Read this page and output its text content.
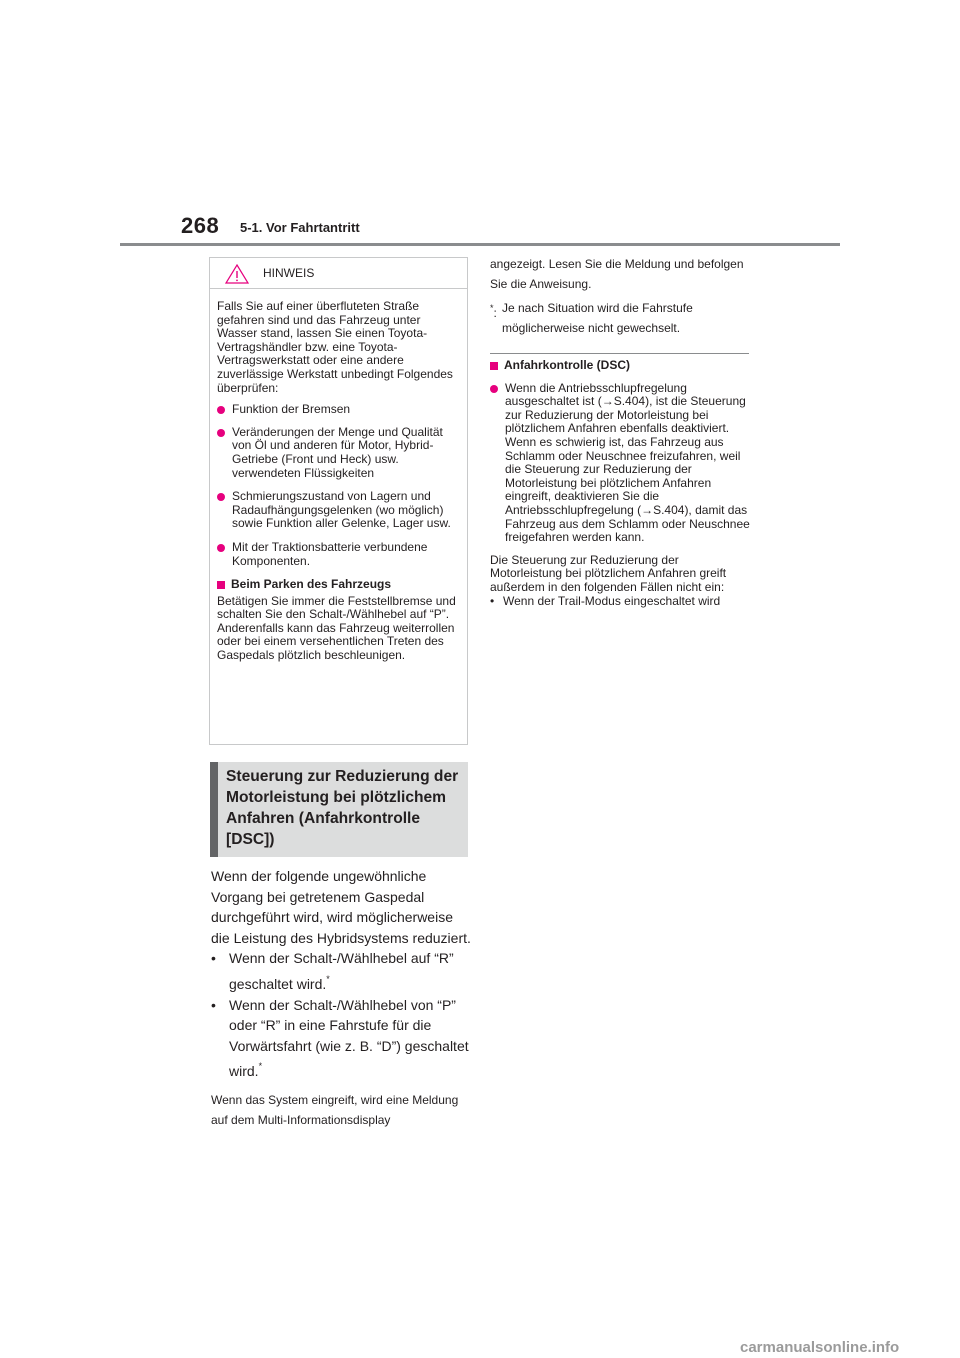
268 5-1. Vor Fahrtantritt
HINWEIS

Falls Sie auf einer überfluteten Straße gefahren sind und das Fahrzeug unter Wasser stand, lassen Sie einen Toyota-Vertragshändler bzw. eine Toyota-Vertragswerkstatt oder eine andere zuverlässige Werkstatt unbedingt Folgendes überprüfen:

Funktion der Bremsen
Veränderungen der Menge und Qualität von Öl und anderen für Motor, Hybrid-Getriebe (Front und Heck) usw. verwendeten Flüssigkeiten
Schmierungszustand von Lagern und Radaufhängungsgelenken (wo möglich) sowie Funktion aller Gelenke, Lager usw.
Mit der Traktionsbatterie verbundene Komponenten.
Beim Parken des Fahrzeugs

Betätigen Sie immer die Feststellbremse und schalten Sie den Schalt-/Wählhebel auf “P”. Anderenfalls kann das Fahrzeug weiterrollen oder bei einem versehentlichen Treten des Gaspedals plötzlich beschleunigen.

Steuerung zur Reduzierung der Motorleistung bei plötzlichem Anfahren (Anfahrkontrolle [DSC])

Wenn der folgende ungewöhnliche Vorgang bei getretenem Gaspedal durchgeführt wird, wird möglicherweise die Leistung des Hybridsystems reduziert.

• Wenn der Schalt-/Wählhebel auf “R” geschaltet wird.*
• Wenn der Schalt-/Wählhebel von “P” oder “R” in eine Fahrstufe für die Vorwärtsfahrt (wie z. B. “D”) geschaltet wird.*

Wenn das System eingreift, wird eine Meldung auf dem Multi-Informationsdisplay

angezeigt. Lesen Sie die Meldung und befolgen Sie die Anweisung.

*: Je nach Situation wird die Fahrstufe möglicherweise nicht gewechselt.
Anfahrkontrolle (DSC)
Wenn die Antriebsschlupfregelung ausgeschaltet ist (→S.404), ist die Steuerung zur Reduzierung der Motorleistung bei plötzlichem Anfahren ebenfalls deaktiviert. Wenn es schwierig ist, das Fahrzeug aus Schlamm oder Neuschnee freizufahren, weil die Steuerung zur Reduzierung der Motorleistung bei plötzlichem Anfahren eingreift, deaktivieren Sie die Antriebsschlupfregelung (→S.404), damit das Fahrzeug aus dem Schlamm oder Neuschnee freigefahren werden kann.

Die Steuerung zur Reduzierung der Motorleistung bei plötzlichem Anfahren greift außerdem in den folgenden Fällen nicht ein:

• Wenn der Trail-Modus eingeschaltet wird
carmanualsonline.info
